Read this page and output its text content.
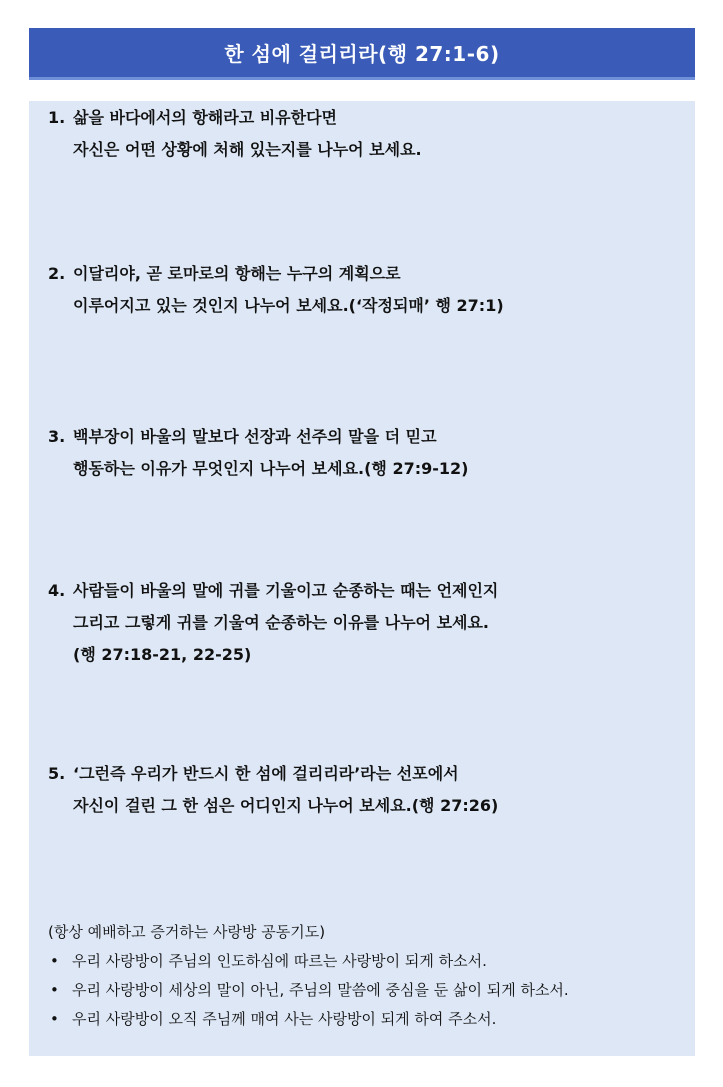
한 섬에 걸리리라(행 27:1-6)
1. 삶을 바다에서의 항해라고 비유한다면
자신은 어떤 상황에 처해 있는지를 나누어 보세요.
2. 이달리야, 곧 로마로의 항해는 누구의 계획으로
이루어지고 있는 것인지 나누어 보세요.(‘작정되매’ 행 27:1)
3. 백부장이 바울의 말보다 선장과 선주의 말을 더 믿고
행동하는 이유가 무엇인지 나누어 보세요.(행 27:9-12)
4. 사람들이 바울의 말에 귀를 기울이고 순종하는 때는 언제인지
그리고 그렇게 귀를 기울여 순종하는 이유를 나누어 보세요.
(행 27:18-21, 22-25)
5. ‘그런즉 우리가 반드시 한 섬에 걸리리라’라는 선포에서
자신이 걸린 그 한 섬은 어디인지 나누어 보세요.(행 27:26)
(항상 예배하고 증거하는 사랑방 공동기도)
• 우리 사랑방이 주님의 인도하심에 따르는 사랑방이 되게 하소서.
• 우리 사랑방이 세상의 말이 아닌, 주님의 말씀에 중심을 둔 삶이 되게 하소서.
• 우리 사랑방이 오직 주님께 매여 사는 사랑방이 되게 하여 주소서.
